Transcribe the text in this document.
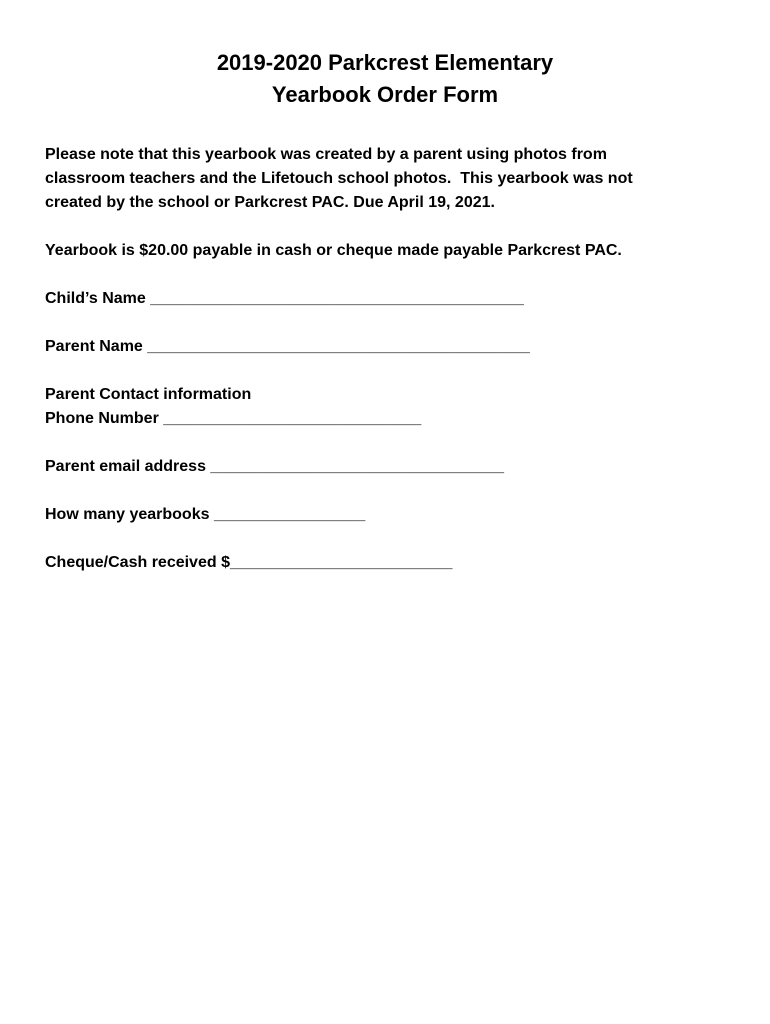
2019-2020 Parkcrest Elementary
Yearbook Order Form

Please note that this yearbook was created by a parent using photos from

classroom teachers and the Lifetouch school photos.  This yearbook was not

created by the school or Parkcrest PAC. Due April 19, 2021.

Yearbook is $20.00 payable in cash or cheque made payable Parkcrest PAC.

Child’s Name __________________________________________

Parent Name ___________________________________________

Parent Contact information

Phone Number _____________________________

Parent email address _________________________________

How many yearbooks _________________

Cheque/Cash received $_________________________
